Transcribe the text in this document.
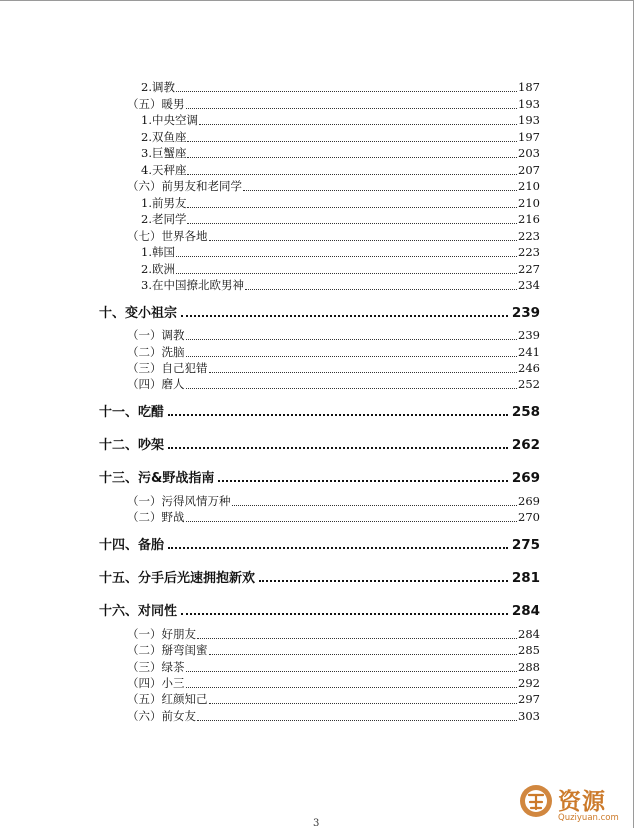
2.调教	187
（五）暖男	193
1.中央空调	193
2.双鱼座	197
3.巨蟹座	203
4.天秤座	207
（六）前男友和老同学	210
1.前男友	210
2.老同学	216
（七）世界各地	223
1.韩国	223
2.欧洲	227
3.在中国撩北欧男神	234
十、变小祖宗	239
（一）调教	239
（二）洗脑	241
（三）自己犯错	246
（四）磨人	252
十一、吃醋	258
十二、吵架	262
十三、污&野战指南	269
（一）污得风情万种	269
（二）野战	270
十四、备胎	275
十五、分手后光速拥抱新欢	281
十六、对同性	284
（一）好朋友	284
（二）掰弯闺蜜	285
（三）绿茶	288
（四）小三	292
（五）红颜知己	297
（六）前女友	303
3
资源
Quziyuan.com
